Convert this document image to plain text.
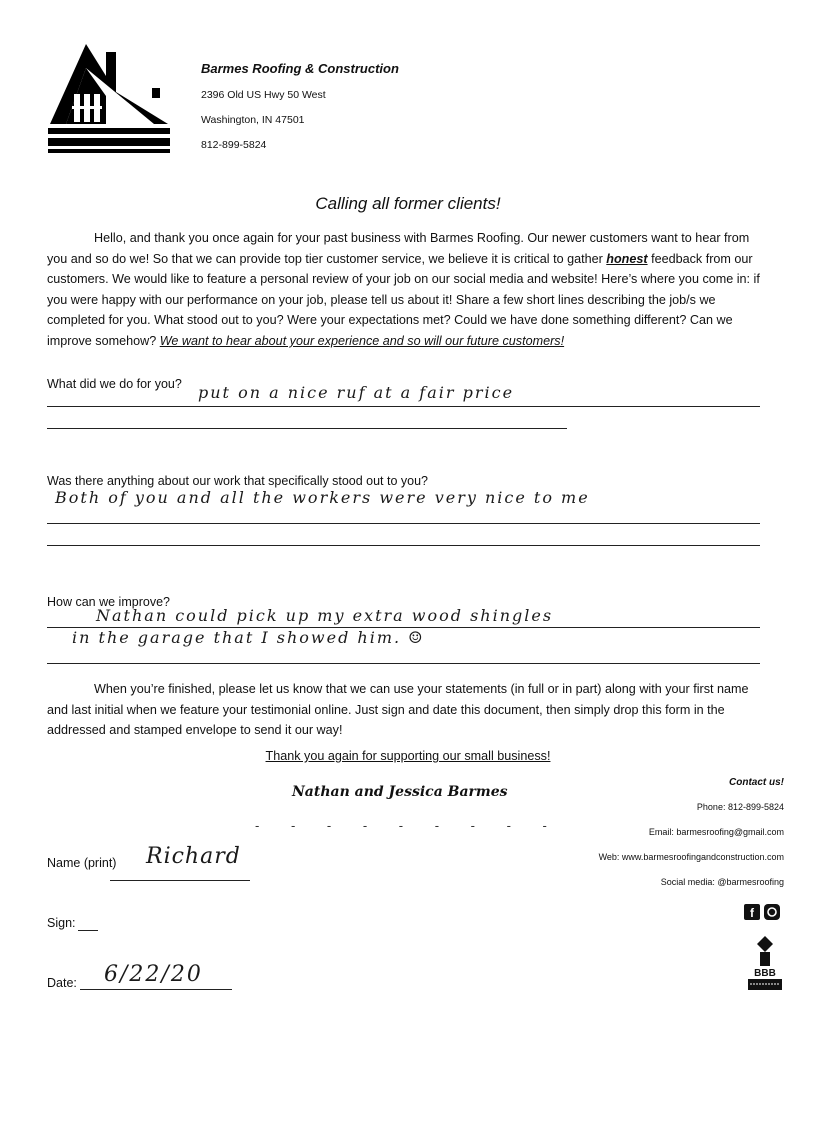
Barmes Roofing & Construction
2396 Old US Hwy 50 West
Washington, IN 47501
812-899-5824
Calling all former clients!

Hello, and thank you once again for your past business with Barmes Roofing. Our newer customers want to hear from you and so do we! So that we can provide top tier customer service, we believe it is critical to gather honest feedback from our customers. We would like to feature a personal review of your job on our social media and website! Here’s where you come in: if you were happy with our performance on your job, please tell us about it! Share a few short lines describing the job/s we completed for you. What stood out to you? Were your expectations met? Could we have done something different? Can we improve somehow? We want to hear about your experience and so will our future customers!

What did we do for you? put on a nice ruf at a fair price
Was there anything about our work that specifically stood out to you?
Both of you and all the workers were very nice to me
How can we improve?
Nathan could pick up my extra wood shingles
in the garage that I showed him. ☺

When you’re finished, please let us know that we can use your statements (in full or in part) along with your first name and last initial when we feature your testimonial online. Just sign and date this document, then simply drop this form in the addressed and stamped envelope to send it our way!

Thank you again for supporting our small business!
Nathan and Jessica Barmes
- - - - - - - - -
Contact us!
Phone: 812-899-5824
Email: barmesroofing@gmail.com
Web: www.barmesroofingandconstruction.com
Social media: @barmesroofing
f
BBB
Name (print) Richard
Sign:
Date: 6/22/20
